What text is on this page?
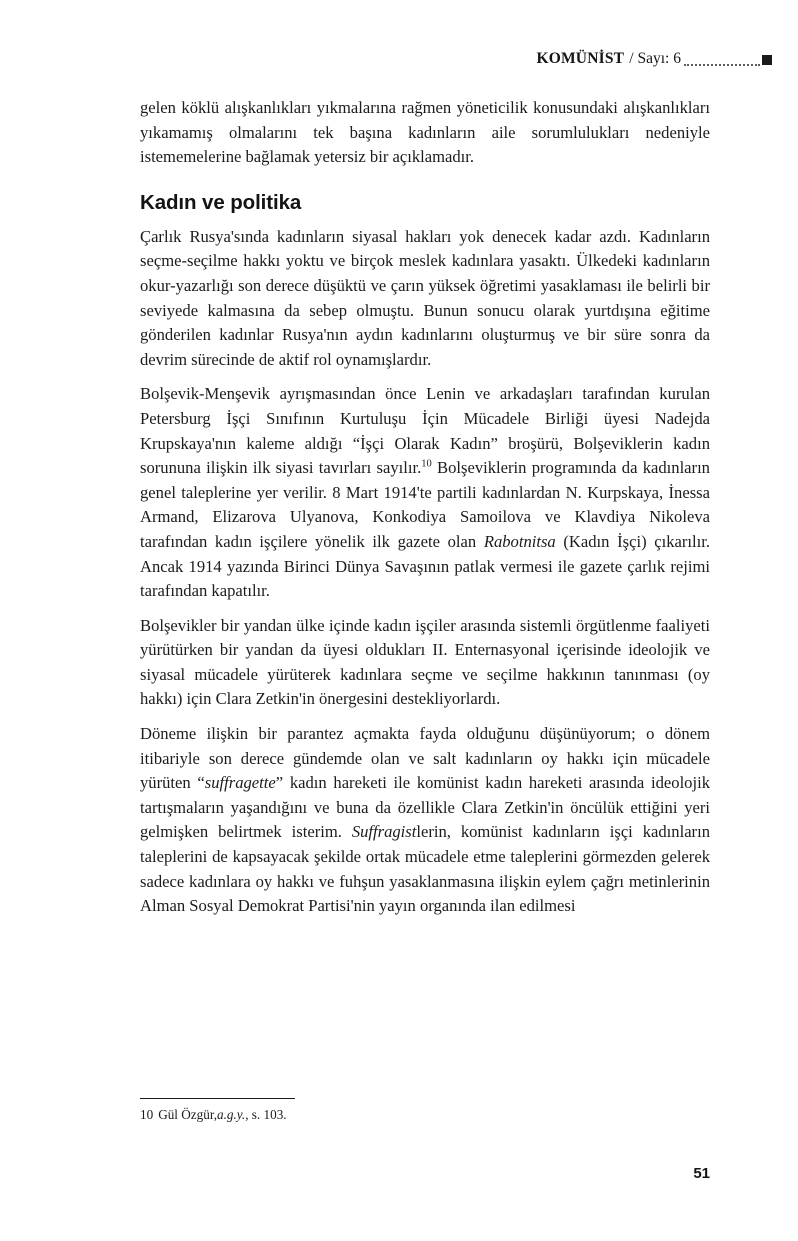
KOMÜNİST / Sayı: 6

gelen köklü alışkanlıkları yıkmalarına rağmen yöneticilik konusundaki alışkanlıkları yıkamamış olmalarını tek başına kadınların aile sorumlulukları nedeniyle istememelerine bağlamak yetersiz bir açıklamadır.

Kadın ve politika

Çarlık Rusya'sında kadınların siyasal hakları yok denecek kadar azdı. Kadınların seçme-seçilme hakkı yoktu ve birçok meslek kadınlara yasaktı. Ülkedeki kadınların okur-yazarlığı son derece düşüktü ve çarın yüksek öğretimi yasaklaması ile belirli bir seviyede kalmasına da sebep olmuştu. Bunun sonucu olarak yurtdışına eğitime gönderilen kadınlar Rusya'nın aydın kadınlarını oluşturmuş ve bir süre sonra da devrim sürecinde de aktif rol oynamışlardır.

Bolşevik-Menşevik ayrışmasından önce Lenin ve arkadaşları tarafından kurulan Petersburg İşçi Sınıfının Kurtuluşu İçin Mücadele Birliği üyesi Nadejda Krupskaya'nın kaleme aldığı “İşçi Olarak Kadın” broşürü, Bolşeviklerin kadın sorununa ilişkin ilk siyasi tavırları sayılır.$^{10}$ Bolşeviklerin programında da kadınların genel taleplerine yer verilir. 8 Mart 1914'te partili kadınlardan N. Kurpskaya, İnessa Armand, Elizarova Ulyanova, Konkodiya Samoilova ve Klavdiya Nikoleva tarafından kadın işçilere yönelik ilk gazete olan Rabotnitsa (Kadın İşçi) çıkarılır. Ancak 1914 yazında Birinci Dünya Savaşının patlak vermesi ile gazete çarlık rejimi tarafından kapatılır.

Bolşevikler bir yandan ülke içinde kadın işçiler arasında sistemli örgütlenme faaliyeti yürütürken bir yandan da üyesi oldukları II. Enternasyonal içerisinde ideolojik ve siyasal mücadele yürüterek kadınlara seçme ve seçilme hakkının tanınması (oy hakkı) için Clara Zetkin'in önergesini destekliyorlardı.

Döneme ilişkin bir parantez açmakta fayda olduğunu düşünüyorum; o dönem itibariyle son derece gündemde olan ve salt kadınların oy hakkı için mücadele yürüten “suffragette” kadın hareketi ile komünist kadın hareketi arasında ideolojik tartışmaların yaşandığını ve buna da özellikle Clara Zetkin'in öncülük ettiğini yeri gelmişken belirtmek isterim. Suffragistlerin, komünist kadınların işçi kadınların taleplerini de kapsayacak şekilde ortak mücadele etme taleplerini görmezden gelerek sadece kadınlara oy hakkı ve fuhşun yasaklanmasına ilişkin eylem çağrı metinlerinin Alman Sosyal Demokrat Partisi'nin yayın organında ilan edilmesi

10 Gül Özgür,a.g.y., s. 103.
51
